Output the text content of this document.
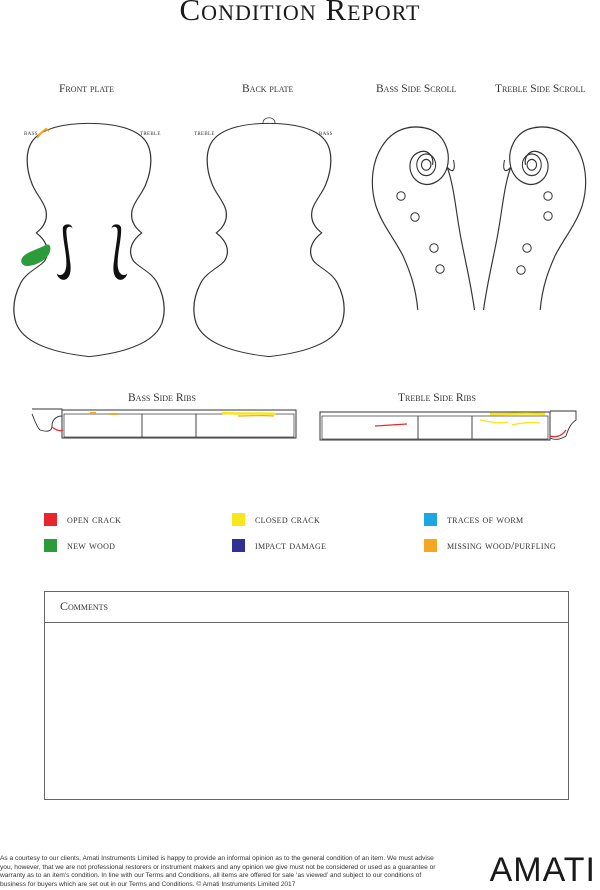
Condition Report
Front plate	Back plate	Bass Side Scroll	Treble Side Scroll
Bass Side Ribs	Treble Side Ribs
bass	treble	treble	bass
open crack	closed crack	traces of worm
new wood	impact damage	missing wood/purfling
Comments
As a courtesy to our clients, Amati Instruments Limited is happy to provide an informal opinion as to the general condition of an item. We must advise you, however, that we are not professional restorers or instrument makers and any opinion we give must not be considered or used as a guarantee or warranty as to an item's condition. In line with our Terms and Conditions, all items are offered for sale ‘as viewed’ and subject to our conditions of business for buyers which are set out in our Terms and Conditions. © Amati Instruments Limited 2017	AMATI
